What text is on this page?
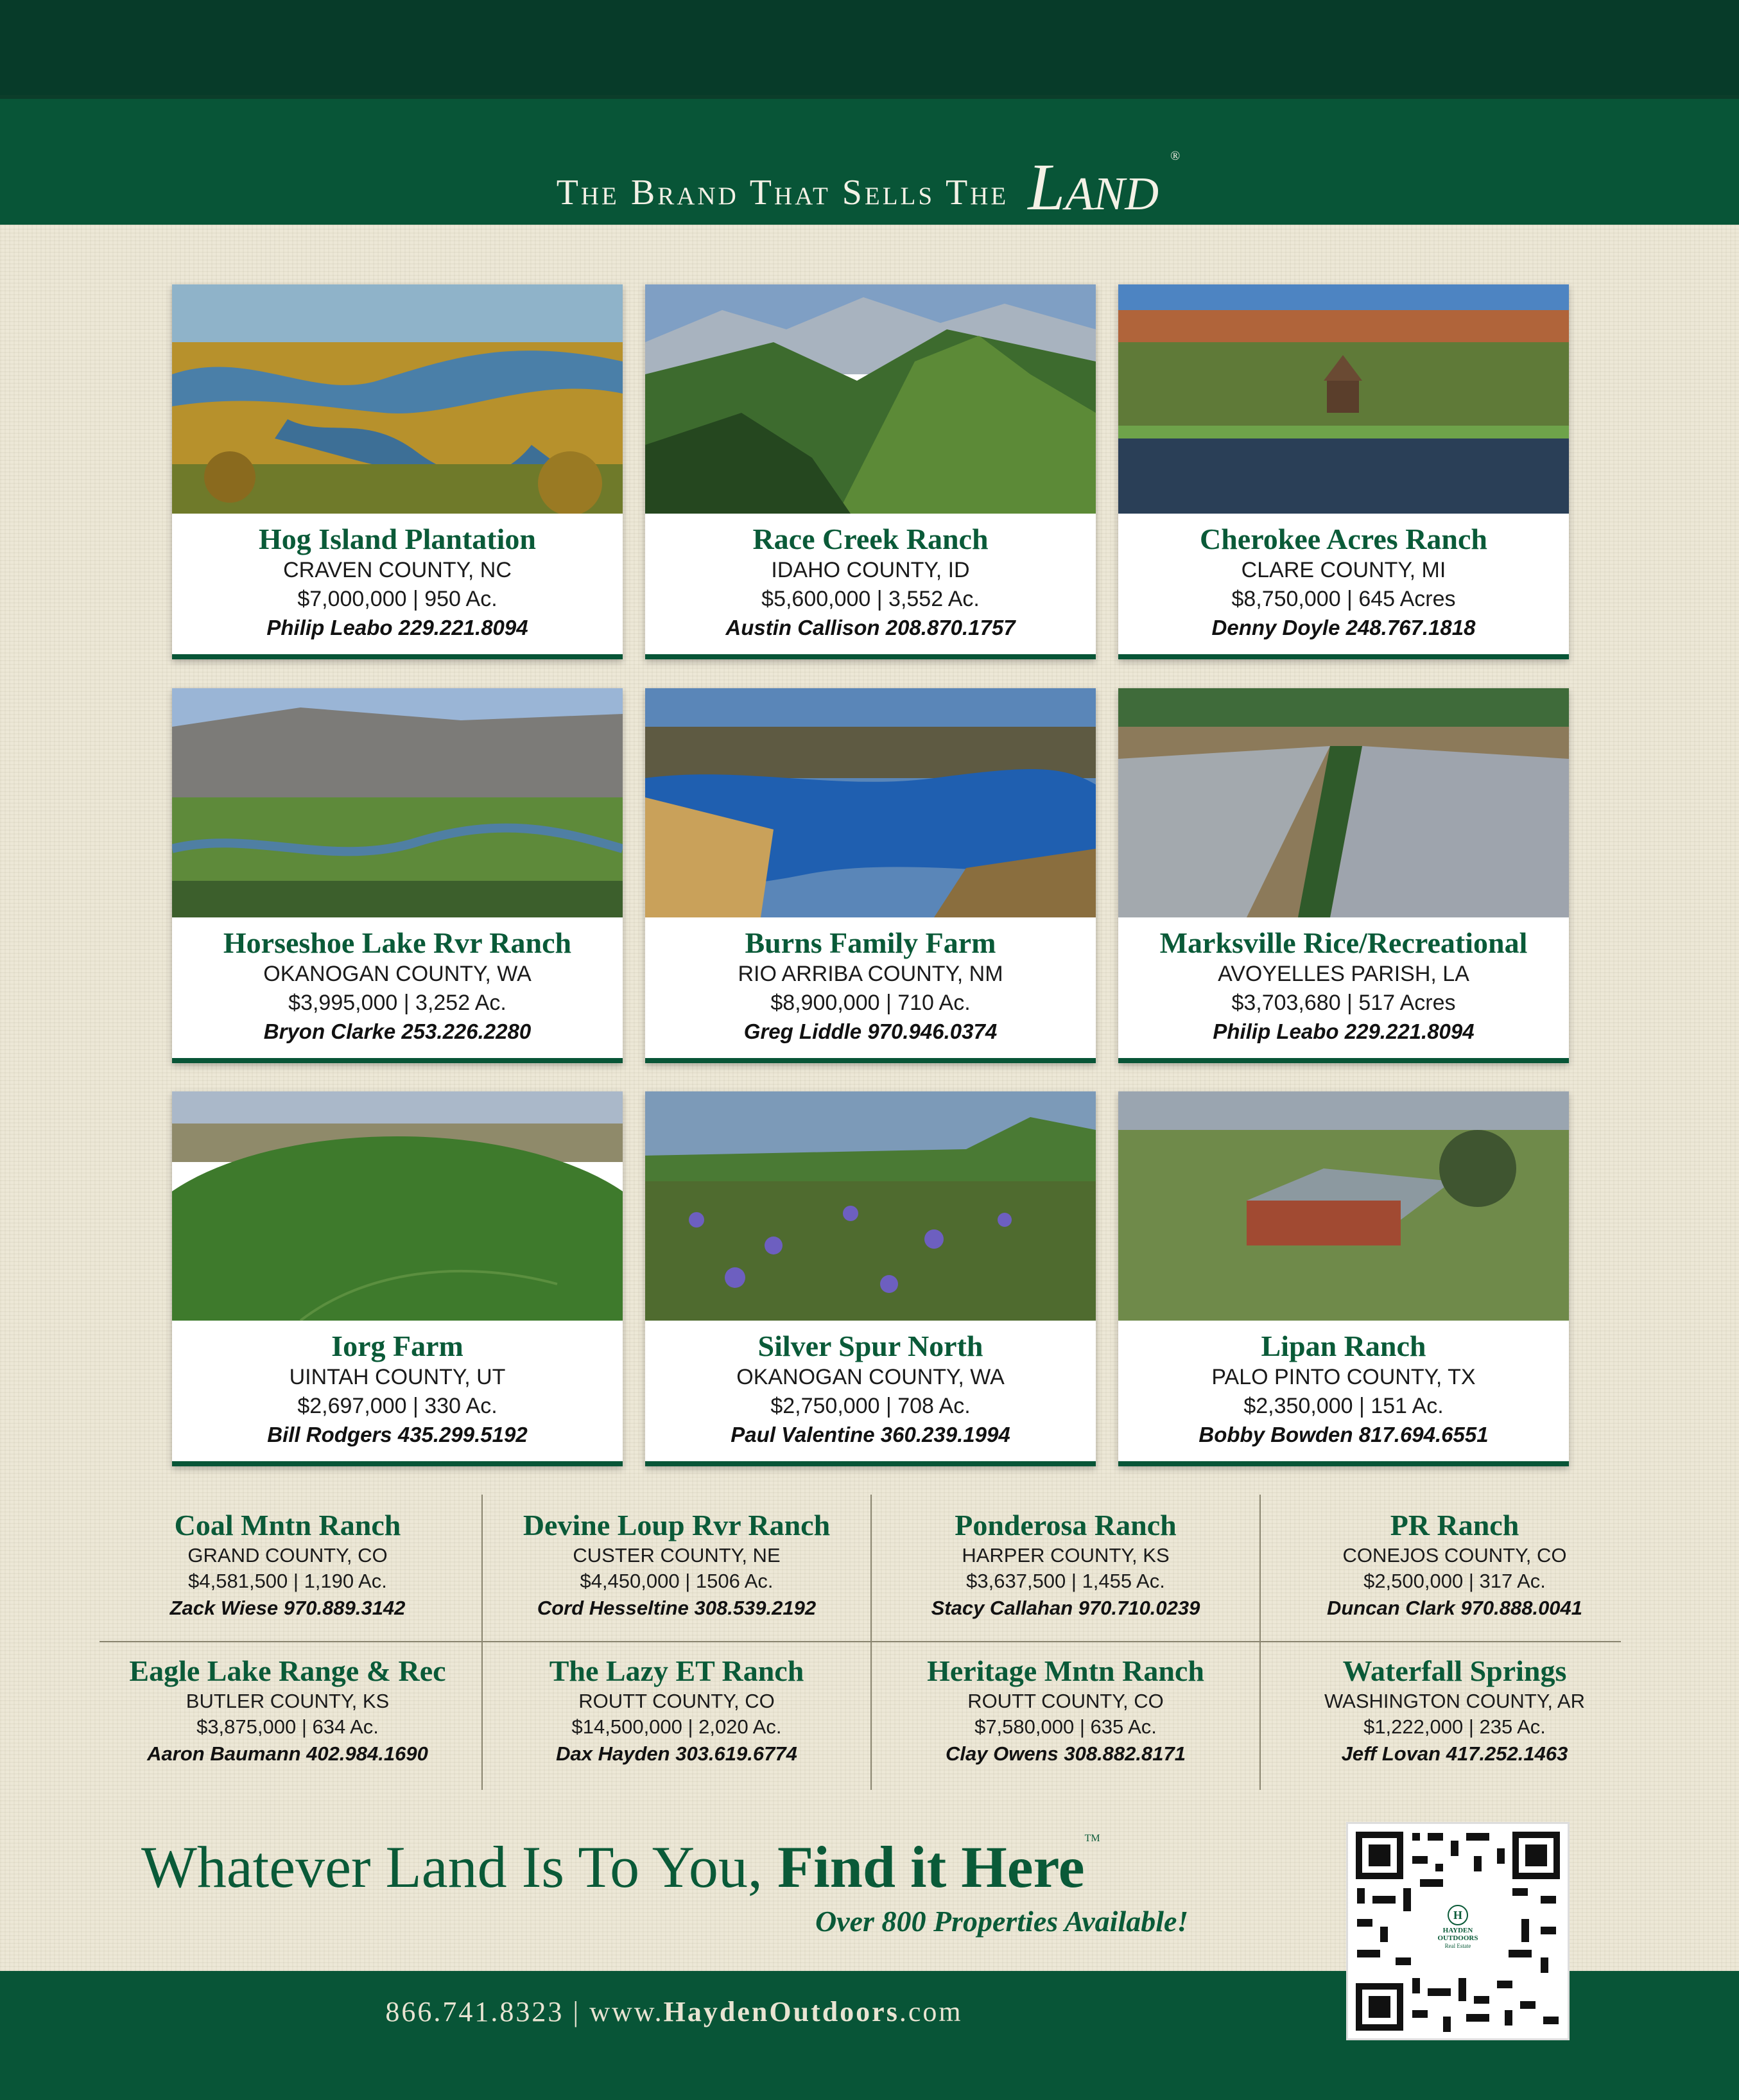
The Brand That Sells The Land ®
Hog Island Plantation
CRAVEN COUNTY, NC
$7,000,000 | 950 Ac.
Philip Leabo 229.221.8094
Race Creek Ranch
IDAHO COUNTY, ID
$5,600,000 | 3,552 Ac.
Austin Callison 208.870.1757
Cherokee Acres Ranch
CLARE COUNTY, MI
$8,750,000 | 645 Acres
Denny Doyle 248.767.1818
Horseshoe Lake Rvr Ranch
OKANOGAN COUNTY, WA
$3,995,000 | 3,252 Ac.
Bryon Clarke 253.226.2280
Burns Family Farm
RIO ARRIBA COUNTY, NM
$8,900,000 | 710 Ac.
Greg Liddle 970.946.0374
Marksville Rice/Recreational
AVOYELLES PARISH, LA
$3,703,680 | 517 Acres
Philip Leabo 229.221.8094
Iorg Farm
UINTAH COUNTY, UT
$2,697,000 | 330 Ac.
Bill Rodgers 435.299.5192
Silver Spur North
OKANOGAN COUNTY, WA
$2,750,000 | 708 Ac.
Paul Valentine 360.239.1994
Lipan Ranch
PALO PINTO COUNTY, TX
$2,350,000 | 151 Ac.
Bobby Bowden 817.694.6551
Coal Mntn Ranch
GRAND COUNTY, CO
$4,581,500 | 1,190 Ac.
Zack Wiese 970.889.3142
Devine Loup Rvr Ranch
CUSTER COUNTY, NE
$4,450,000 | 1506 Ac.
Cord Hesseltine 308.539.2192
Ponderosa Ranch
HARPER COUNTY, KS
$3,637,500 | 1,455 Ac.
Stacy Callahan 970.710.0239
PR Ranch
CONEJOS COUNTY, CO
$2,500,000 | 317 Ac.
Duncan Clark 970.888.0041
Eagle Lake Range & Rec
BUTLER COUNTY, KS
$3,875,000 | 634 Ac.
Aaron Baumann 402.984.1690
The Lazy ET Ranch
ROUTT COUNTY, CO
$14,500,000 | 2,020 Ac.
Dax Hayden 303.619.6774
Heritage Mntn Ranch
ROUTT COUNTY, CO
$7,580,000 | 635 Ac.
Clay Owens 308.882.8171
Waterfall Springs
WASHINGTON COUNTY, AR
$1,222,000 | 235 Ac.
Jeff Lovan 417.252.1463
Whatever Land Is To You, Find it Here™
Over 800 Properties Available!
866.741.8323 | www.HaydenOutdoors.com
H
HAYDEN
OUTDOORS
Real Estate
